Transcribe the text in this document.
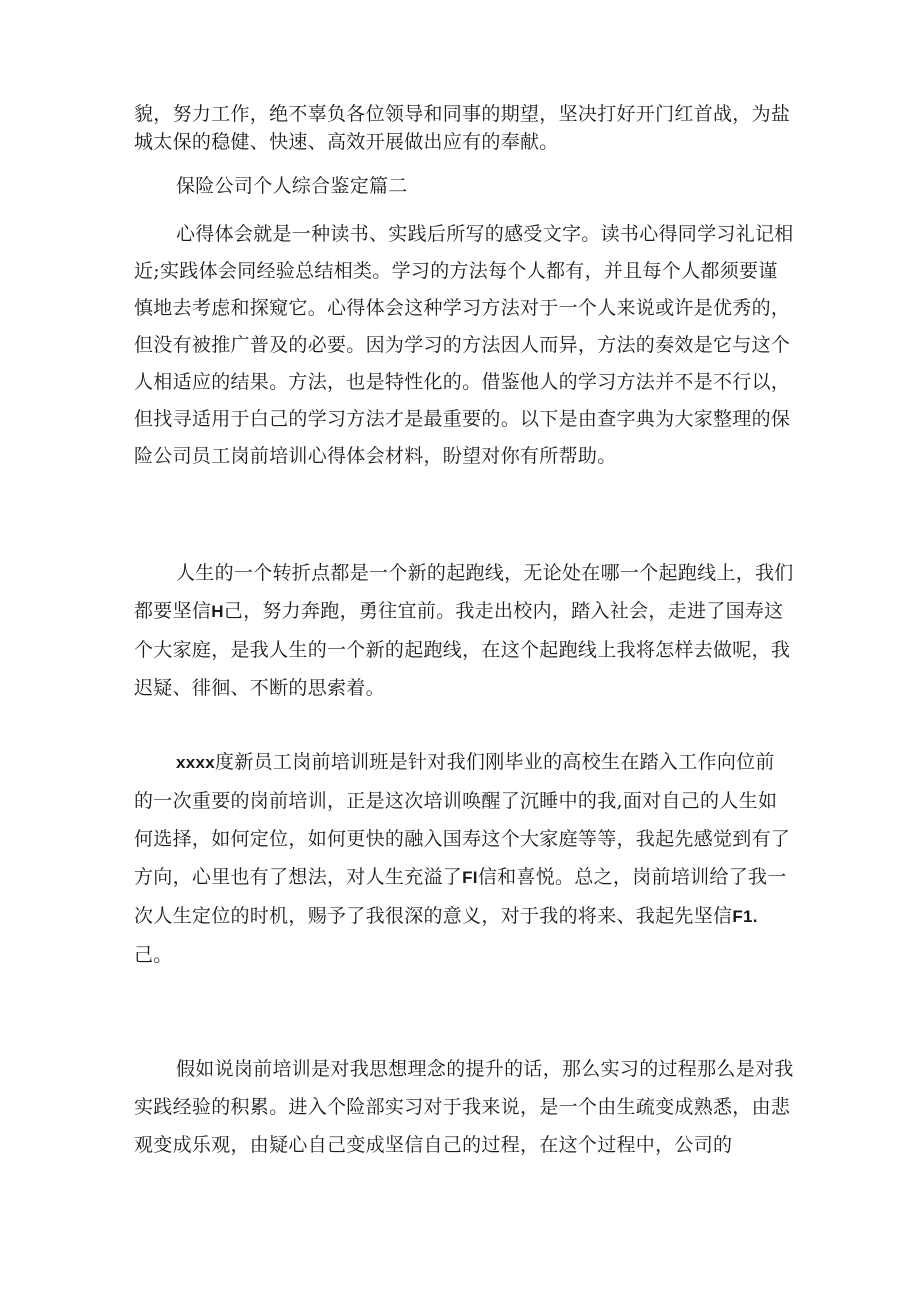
貌，努力工作，绝不辜负各位领导和同事的期望，坚决打好开门红首战，为盐城太保的稳健、快速、高效开展做出应有的奉献。

保险公司个人综合鉴定篇二

心得体会就是一种读书、实践后所写的感受文字。读书心得同学习礼记相近;实践体会同经验总结相类。学习的方法每个人都有，并且每个人都须要谨慎地去考虑和探窥它。心得体会这种学习方法对于一个人来说或许是优秀的，但没有被推广普及的必要。因为学习的方法因人而异，方法的奏效是它与这个人相适应的结果。方法，也是特性化的。借鉴他人的学习方法并不是不行以，但找寻适用于白己的学习方法才是最重要的。以下是由查字典为大家整理的保险公司员工岗前培训心得体会材料，盼望对你有所帮助。

人生的一个转折点都是一个新的起跑线，无论处在哪一个起跑线上，我们都要坚信H己，努力奔跑，勇往宜前。我走出校内，踏入社会，走进了国寿这个大家庭，是我人生的一个新的起跑线，在这个起跑线上我将怎样去做呢，我迟疑、徘徊、不断的思索着。

xxxx度新员工岗前培训班是针对我们刚毕业的高校生在踏入工作向位前的一次重要的岗前培训，正是这次培训唤醒了沉睡中的我,面对自己的人生如何选择，如何定位，如何更快的融入国寿这个大家庭等等，我起先感觉到有了方向，心里也有了想法，对人生充溢了FI信和喜悦。总之，岗前培训给了我一次人生定位的时机，赐予了我很深的意义，对于我的将来、我起先坚信F1.己。

假如说岗前培训是对我思想理念的提升的话，那么实习的过程那么是对我实践经验的积累。进入个险部实习对于我来说，是一个由生疏变成熟悉，由悲观变成乐观，由疑心自己变成坚信自己的过程，在这个过程中，公司的
